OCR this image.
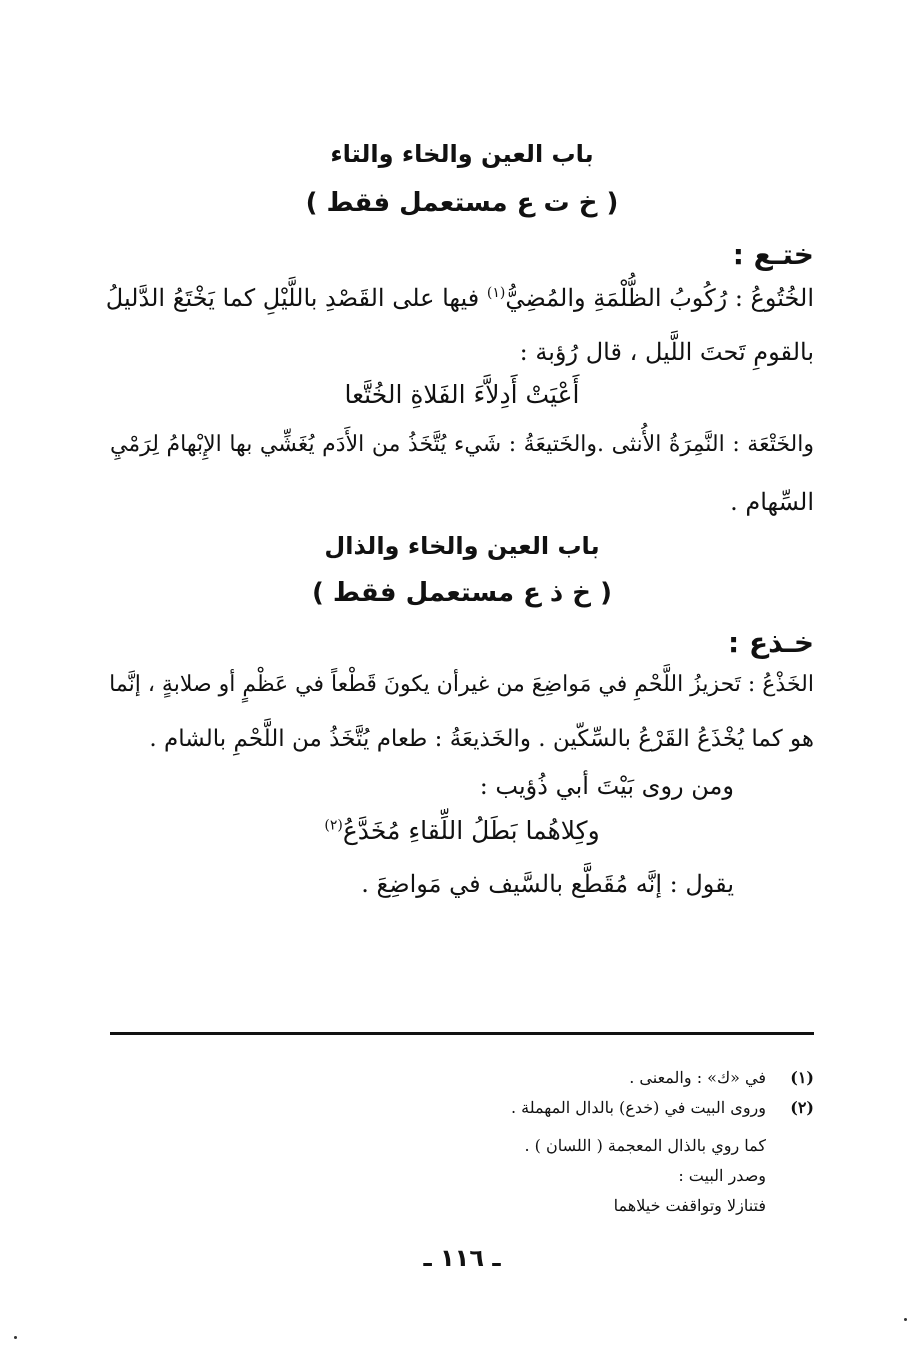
باب العين والخاء والتاء
( خ ت ع مستعمل فقط )
ختـع :
الخُتُوعُ : رُكُوبُ الظُّلْمَةِ والمُضِيُّ$^{(١)}$ فيها على القَصْدِ باللَّيْلِ كما يَخْتَعُ الدَّليلُ
بالقومِ تَحتَ اللَّيل ، قال رُؤبة :
أَعْيَتْ أَدِلاَّءَ الفَلاةِ الخُتَّعا
والخَتْعَة : النَّمِرَةُ الأُنثى .والخَتيعَةُ : شَيء يُتَّخَذُ من الأَدَم يُغَشِّي بها الإِبْهامُ لِرَمْيِ
السِّهام .
باب العين والخاء والذال
( خ ذ ع مستعمل فقط )
خـذع :
الخَذْعُ : تَحزيزُ اللَّحْمِ في مَواضِعَ من غيرأن يكونَ قَطْعاً في عَظْمٍ أو صلابةٍ ، إنَّما
هو كما يُخْذَعُ القَرْعُ بالسِّكّين . والخَذيعَةُ : طعام يُتَّخَذُ من اللَّحْمِ بالشام .
ومن روى بَيْتَ أبي ذُؤيب :
وكِلاهُما بَطَلُ اللِّقاءِ مُخَدَّعُ$^{(٢)}$
يقول : إنَّه مُقَطَّع بالسَّيف في مَواضِعَ .
(١)في «ك» : والمعنى .
(٢)وروى البيت في (خدع) بالدال المهملة .
كما روي بالذال المعجمة ( اللسان ) .
وصدر البيت :
فتنازلا وتواقفت خيلاهما
ـ ١١٦ ـ
